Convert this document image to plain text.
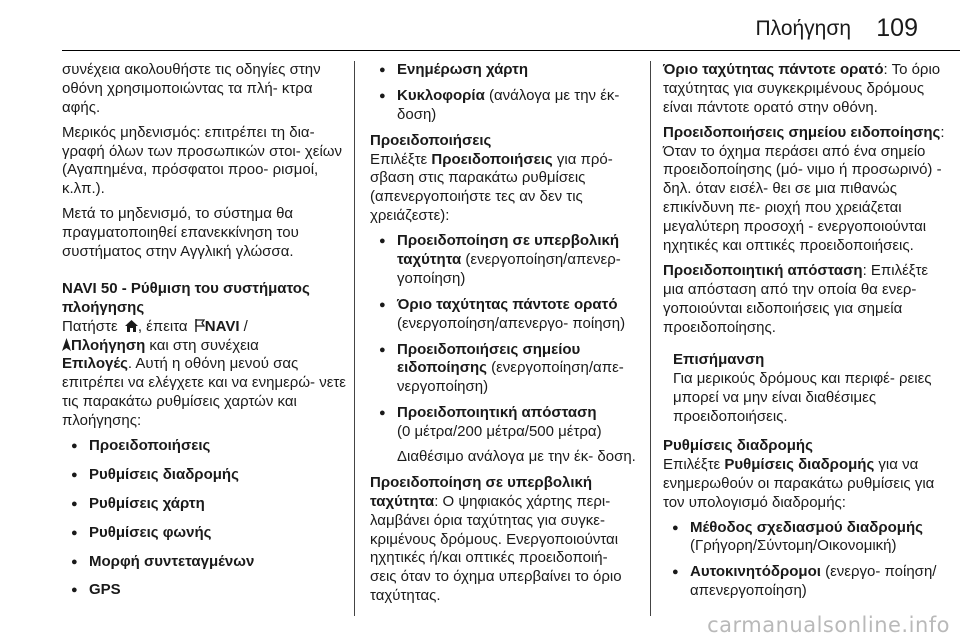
Πλοήγηση 109

συνέχεια ακολουθήστε τις οδηγίες στην οθόνη χρησιμοποιώντας τα πλή- κτρα αφής.

Μερικός μηδενισμός: επιτρέπει τη δια- γραφή όλων των προσωπικών στοι- χείων (Αγαπημένα, πρόσφατοι προο- ρισμοί, κ.λπ.).

Μετά το μηδενισμό, το σύστημα θα πραγματοποιηθεί επανεκκίνηση του συστήματος στην Αγγλική γλώσσα.

NAVI 50 - Ρύθμιση του συστήματος πλοήγησης

Πατήστε , έπειτα NAVI /
Πλοήγηση και στη συνέχεια
Επιλογές. Αυτή η οθόνη μενού σας επιτρέπει να ελέγχετε και να ενημερώ- νετε τις παρακάτω ρυθμίσεις χαρτών και πλοήγησης:

● Προειδοποιήσεις
● Ρυθμίσεις διαδρομής
● Ρυθμίσεις χάρτη
● Ρυθμίσεις φωνής
● Μορφή συντεταγμένων
● GPS
● Ενημέρωση χάρτη
● Κυκλοφορία (ανάλογα με την έκ- δοση)
Προειδοποιήσεις

Επιλέξτε Προειδοποιήσεις για πρό- σβαση στις παρακάτω ρυθμίσεις (απενεργοποιήστε τες αν δεν τις χρειάζεστε):

● Προειδοποίηση σε υπερβολική ταχύτητα (ενεργοποίηση/απενερ- γοποίηση)
● Όριο ταχύτητας πάντοτε ορατό (ενεργοποίηση/απενεργο- ποίηση)
● Προειδοποιήσεις σημείου ειδοποίησης (ενεργοποίηση/απε- νεργοποίηση)
● Προειδοποιητική απόσταση
(0 μέτρα/200 μέτρα/500 μέτρα)
Διαθέσιμο ανάλογα με την έκ- δοση.

Προειδοποίηση σε υπερβολική ταχύτητα: Ο ψηφιακός χάρτης περι- λαμβάνει όρια ταχύτητας για συγκε- κριμένους δρόμους. Ενεργοποιούνται ηχητικές ή/και οπτικές προειδοποιή- σεις όταν το όχημα υπερβαίνει το όριο ταχύτητας.

Όριο ταχύτητας πάντοτε ορατό: Το όριο ταχύτητας για συγκεκριμένους δρόμους είναι πάντοτε ορατό στην οθόνη.

Προειδοποιήσεις σημείου ειδοποίησης: Όταν το όχημα περάσει από ένα σημείο προειδοποίησης (μό- νιμο ή προσωρινό) - δηλ. όταν εισέλ- θει σε μια πιθανώς επικίνδυνη πε- ριοχή που χρειάζεται μεγαλύτερη προσοχή - ενεργοποιούνται ηχητικές και οπτικές προειδοποιήσεις.

Προειδοποιητική απόσταση: Επιλέξτε μια απόσταση από την οποία θα ενερ- γοποιούνται ειδοποιήσεις για σημεία προειδοποίησης.

Επισήμανση
Για μερικούς δρόμους και περιφέ- ρειες μπορεί να μην είναι διαθέσιμες προειδοποιήσεις.
Ρυθμίσεις διαδρομής

Επιλέξτε Ρυθμίσεις διαδρομής για να ενημερωθούν οι παρακάτω ρυθμίσεις για τον υπολογισμό διαδρομής:

● Μέθοδος σχεδιασμού διαδρομής
(Γρήγορη/Σύντομη/Οικονομική)
● Αυτοκινητόδρομοι (ενεργο- ποίηση/απενεργοποίηση)
carmanualsonline.info
